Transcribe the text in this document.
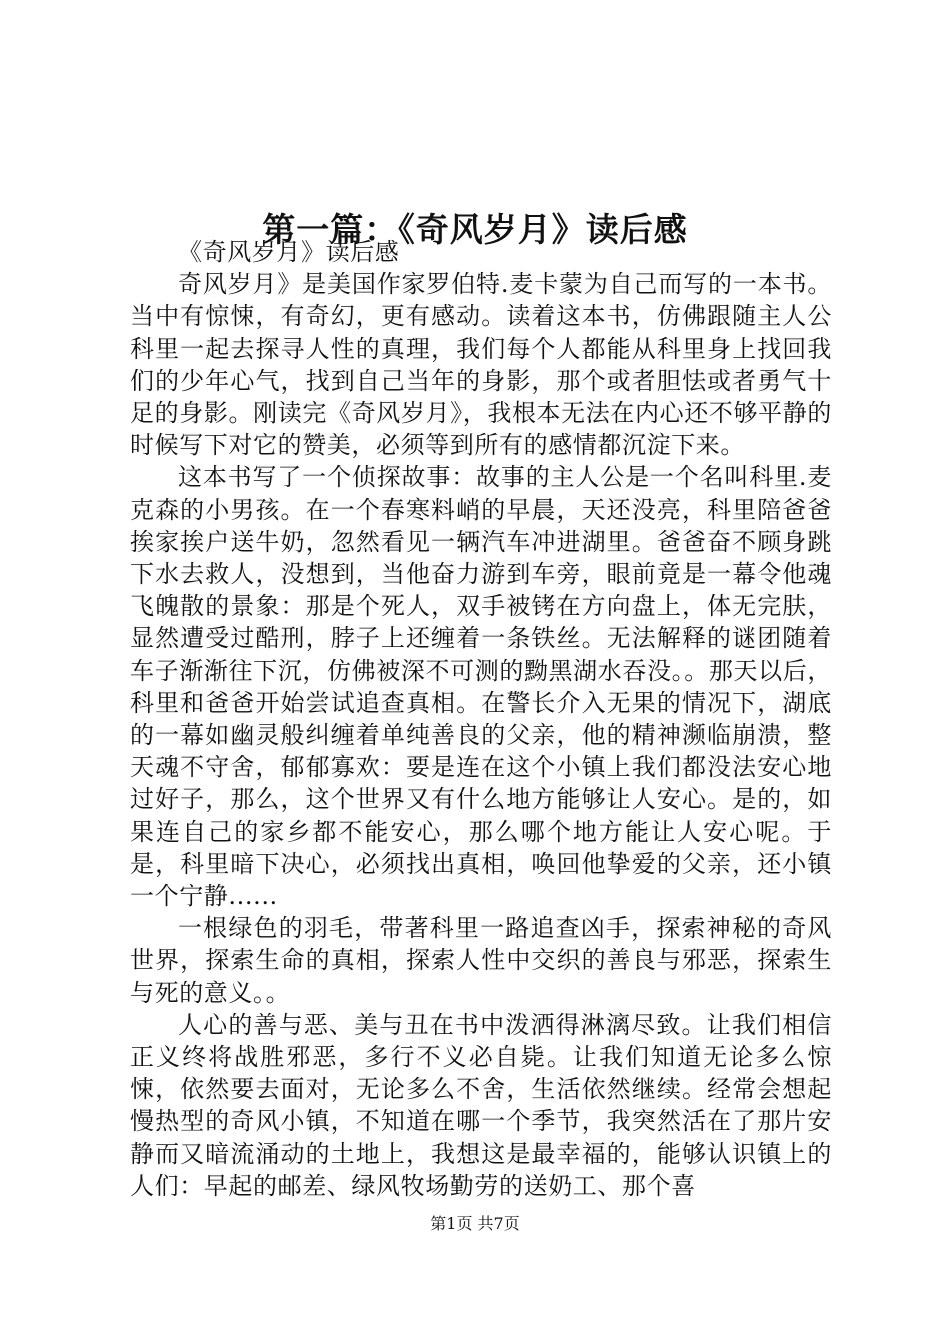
第一篇：《奇风岁月》读后感

《奇风岁月》读后感

奇风岁月》是美国作家罗伯特.麦卡蒙为自己而写的一本书。当中有惊悚，有奇幻，更有感动。读着这本书，仿佛跟随主人公科里一起去探寻人性的真理，我们每个人都能从科里身上找回我们的少年心气，找到自己当年的身影，那个或者胆怯或者勇气十足的身影。刚读完《奇风岁月》，我根本无法在内心还不够平静的时候写下对它的赞美，必须等到所有的感情都沉淀下来。

这本书写了一个侦探故事：故事的主人公是一个名叫科里.麦克森的小男孩。在一个春寒料峭的早晨，天还没亮，科里陪爸爸挨家挨户送牛奶，忽然看见一辆汽车冲进湖里。爸爸奋不顾身跳下水去救人，没想到，当他奋力游到车旁，眼前竟是一幕令他魂飞魄散的景象：那是个死人，双手被铐在方向盘上，体无完肤，显然遭受过酷刑，脖子上还缠着一条铁丝。无法解释的谜团随着车子渐渐往下沉，仿佛被深不可测的黝黑湖水吞没。。那天以后，科里和爸爸开始尝试追查真相。在警长介入无果的情况下，湖底的一幕如幽灵般纠缠着单纯善良的父亲，他的精神濒临崩溃，整天魂不守舍，郁郁寡欢：要是连在这个小镇上我们都没法安心地过好子，那么，这个世界又有什么地方能够让人安心。是的，如果连自己的家乡都不能安心，那么哪个地方能让人安心呢。于是，科里暗下决心，必须找出真相，唤回他挚爱的父亲，还小镇一个宁静......

一根绿色的羽毛，带著科里一路追查凶手，探索神秘的奇风世界，探索生命的真相，探索人性中交织的善良与邪恶，探索生与死的意义。。

人心的善与恶、美与丑在书中泼洒得淋漓尽致。让我们相信正义终将战胜邪恶，多行不义必自毙。让我们知道无论多么惊悚，依然要去面对，无论多么不舍，生活依然继续。经常会想起慢热型的奇风小镇，不知道在哪一个季节，我突然活在了那片安静而又暗流涌动的土地上，我想这是最幸福的，能够认识镇上的人们：早起的邮差、绿风牧场勤劳的送奶工、那个喜

第1页 共7页
